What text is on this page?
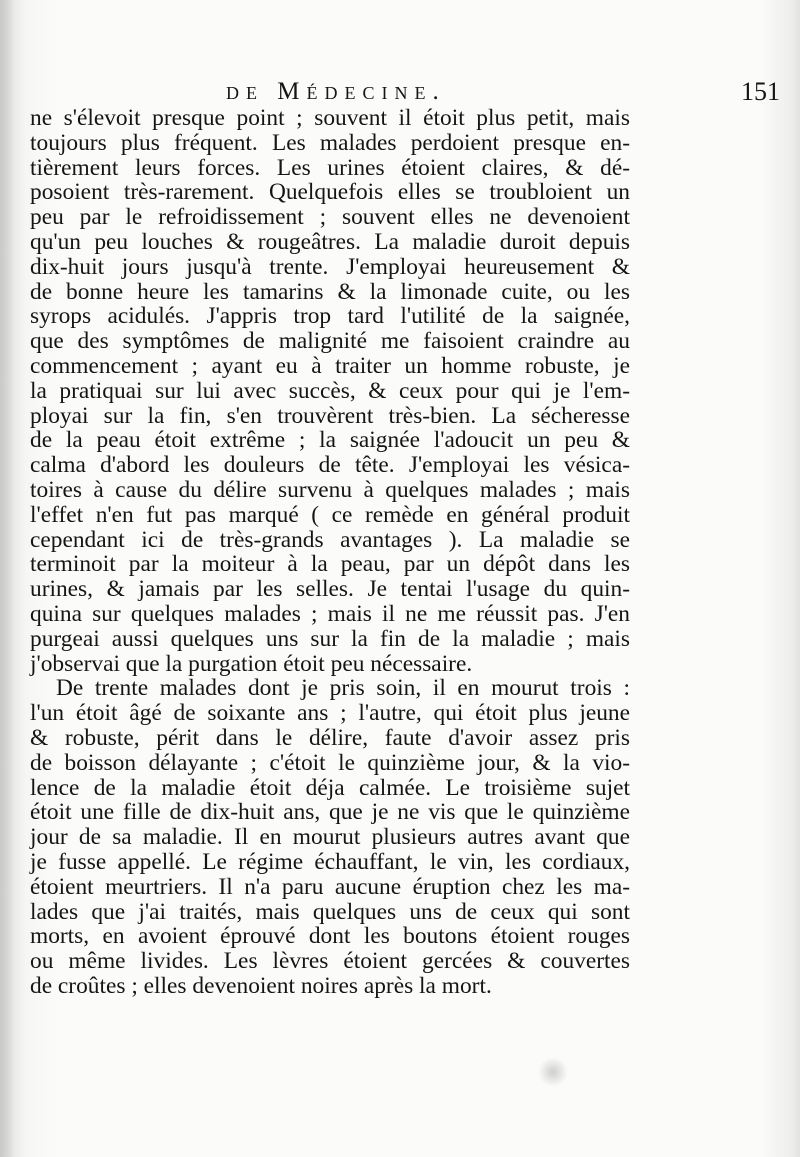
de Médecine.	151
ne s'élevoit presque point ; souvent il étoit plus petit, mais
toujours plus fréquent. Les malades perdoient presque en-
tièrement leurs forces. Les urines étoient claires, & dé-
posoient très-rarement. Quelquefois elles se troubloient un
peu par le refroidissement ; souvent elles ne devenoient
qu'un peu louches & rougeâtres. La maladie duroit depuis
dix-huit jours jusqu'à trente. J'employai heureusement &
de bonne heure les tamarins & la limonade cuite, ou les
syrops acidulés. J'appris trop tard l'utilité de la saignée,
que des symptômes de malignité me faisoient craindre au
commencement ; ayant eu à traiter un homme robuste, je
la pratiquai sur lui avec succès, & ceux pour qui je l'em-
ployai sur la fin, s'en trouvèrent très-bien. La sécheresse
de la peau étoit extrême ; la saignée l'adoucit un peu &
calma d'abord les douleurs de tête. J'employai les vésica-
toires à cause du délire survenu à quelques malades ; mais
l'effet n'en fut pas marqué ( ce remède en général produit
cependant ici de très-grands avantages ). La maladie se
terminoit par la moiteur à la peau, par un dépôt dans les
urines, & jamais par les selles. Je tentai l'usage du quin-
quina sur quelques malades ; mais il ne me réussit pas. J'en
purgeai aussi quelques uns sur la fin de la maladie ; mais
j'observai que la purgation étoit peu nécessaire.
De trente malades dont je pris soin, il en mourut trois :
l'un étoit âgé de soixante ans ; l'autre, qui étoit plus jeune
& robuste, périt dans le délire, faute d'avoir assez pris
de boisson délayante ; c'étoit le quinzième jour, & la vio-
lence de la maladie étoit déja calmée. Le troisième sujet
étoit une fille de dix-huit ans, que je ne vis que le quinzième
jour de sa maladie. Il en mourut plusieurs autres avant que
je fusse appellé. Le régime échauffant, le vin, les cordiaux,
étoient meurtriers. Il n'a paru aucune éruption chez les ma-
lades que j'ai traités, mais quelques uns de ceux qui sont
morts, en avoient éprouvé dont les boutons étoient rouges
ou même livides. Les lèvres étoient gercées & couvertes
de croûtes ; elles devenoient noires après la mort.
